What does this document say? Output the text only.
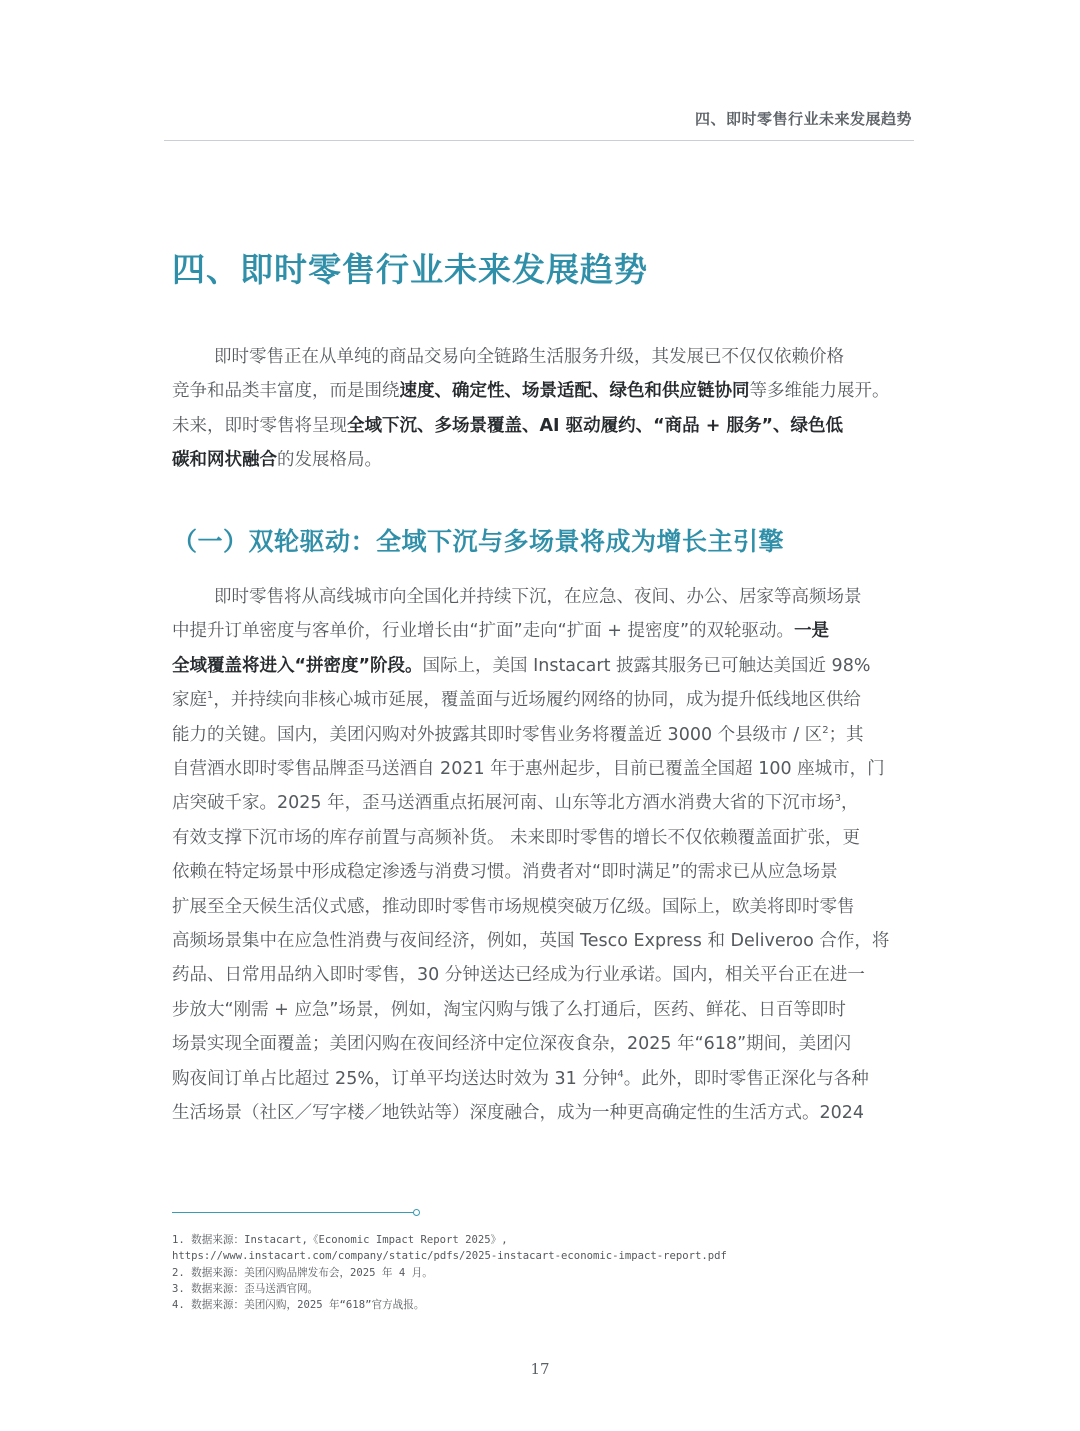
四、即时零售行业未来发展趋势
四、即时零售行业未来发展趋势

即时零售正在从单纯的商品交易向全链路生活服务升级，其发展已不仅仅依赖价格
竞争和品类丰富度，而是围绕速度、确定性、场景适配、绿色和供应链协同等多维能力展开。
未来，即时零售将呈现全域下沉、多场景覆盖、AI 驱动履约、“商品 + 服务”、绿色低
碳和网状融合的发展格局。

（一）双轮驱动：全域下沉与多场景将成为增长主引擎

即时零售将从高线城市向全国化并持续下沉，在应急、夜间、办公、居家等高频场景
中提升订单密度与客单价，行业增长由“扩面”走向“扩面 + 提密度”的双轮驱动。一是
全域覆盖将进入“拼密度”阶段。国际上，美国 Instacart 披露其服务已可触达美国近 98%
家庭$^1$，并持续向非核心城市延展，覆盖面与近场履约网络的协同，成为提升低线地区供给
能力的关键。国内，美团闪购对外披露其即时零售业务将覆盖近 3000 个县级市 / 区$^2$；其
自营酒水即时零售品牌歪马送酒自 2021 年于惠州起步，目前已覆盖全国超 100 座城市，门
店突破千家。2025 年，歪马送酒重点拓展河南、山东等北方酒水消费大省的下沉市场$^3$，
有效支撑下沉市场的库存前置与高频补货。 未来即时零售的增长不仅依赖覆盖面扩张，更
依赖在特定场景中形成稳定渗透与消费习惯。消费者对“即时满足”的需求已从应急场景
扩展至全天候生活仪式感，推动即时零售市场规模突破万亿级。国际上，欧美将即时零售
高频场景集中在应急性消费与夜间经济，例如，英国 Tesco Express 和 Deliveroo 合作，将
药品、日常用品纳入即时零售，30 分钟送达已经成为行业承诺。国内，相关平台正在进一
步放大“刚需 + 应急”场景，例如，淘宝闪购与饿了么打通后，医药、鲜花、日百等即时
场景实现全面覆盖；美团闪购在夜间经济中定位深夜食杂，2025 年“618”期间，美团闪
购夜间订单占比超过 25%，订单平均送达时效为 31 分钟$^4$。此外，即时零售正深化与各种
生活场景（社区／写字楼／地铁站等）深度融合，成为一种更高确定性的生活方式。2024

1. 数据来源：Instacart,《Economic Impact Report 2025》,
https://www.instacart.com/company/static/pdfs/2025-instacart-economic-impact-report.pdf
2. 数据来源：美团闪购品牌发布会，2025 年 4 月。
3. 数据来源：歪马送酒官网。
4. 数据来源：美团闪购，2025 年“618”官方战报。
17
